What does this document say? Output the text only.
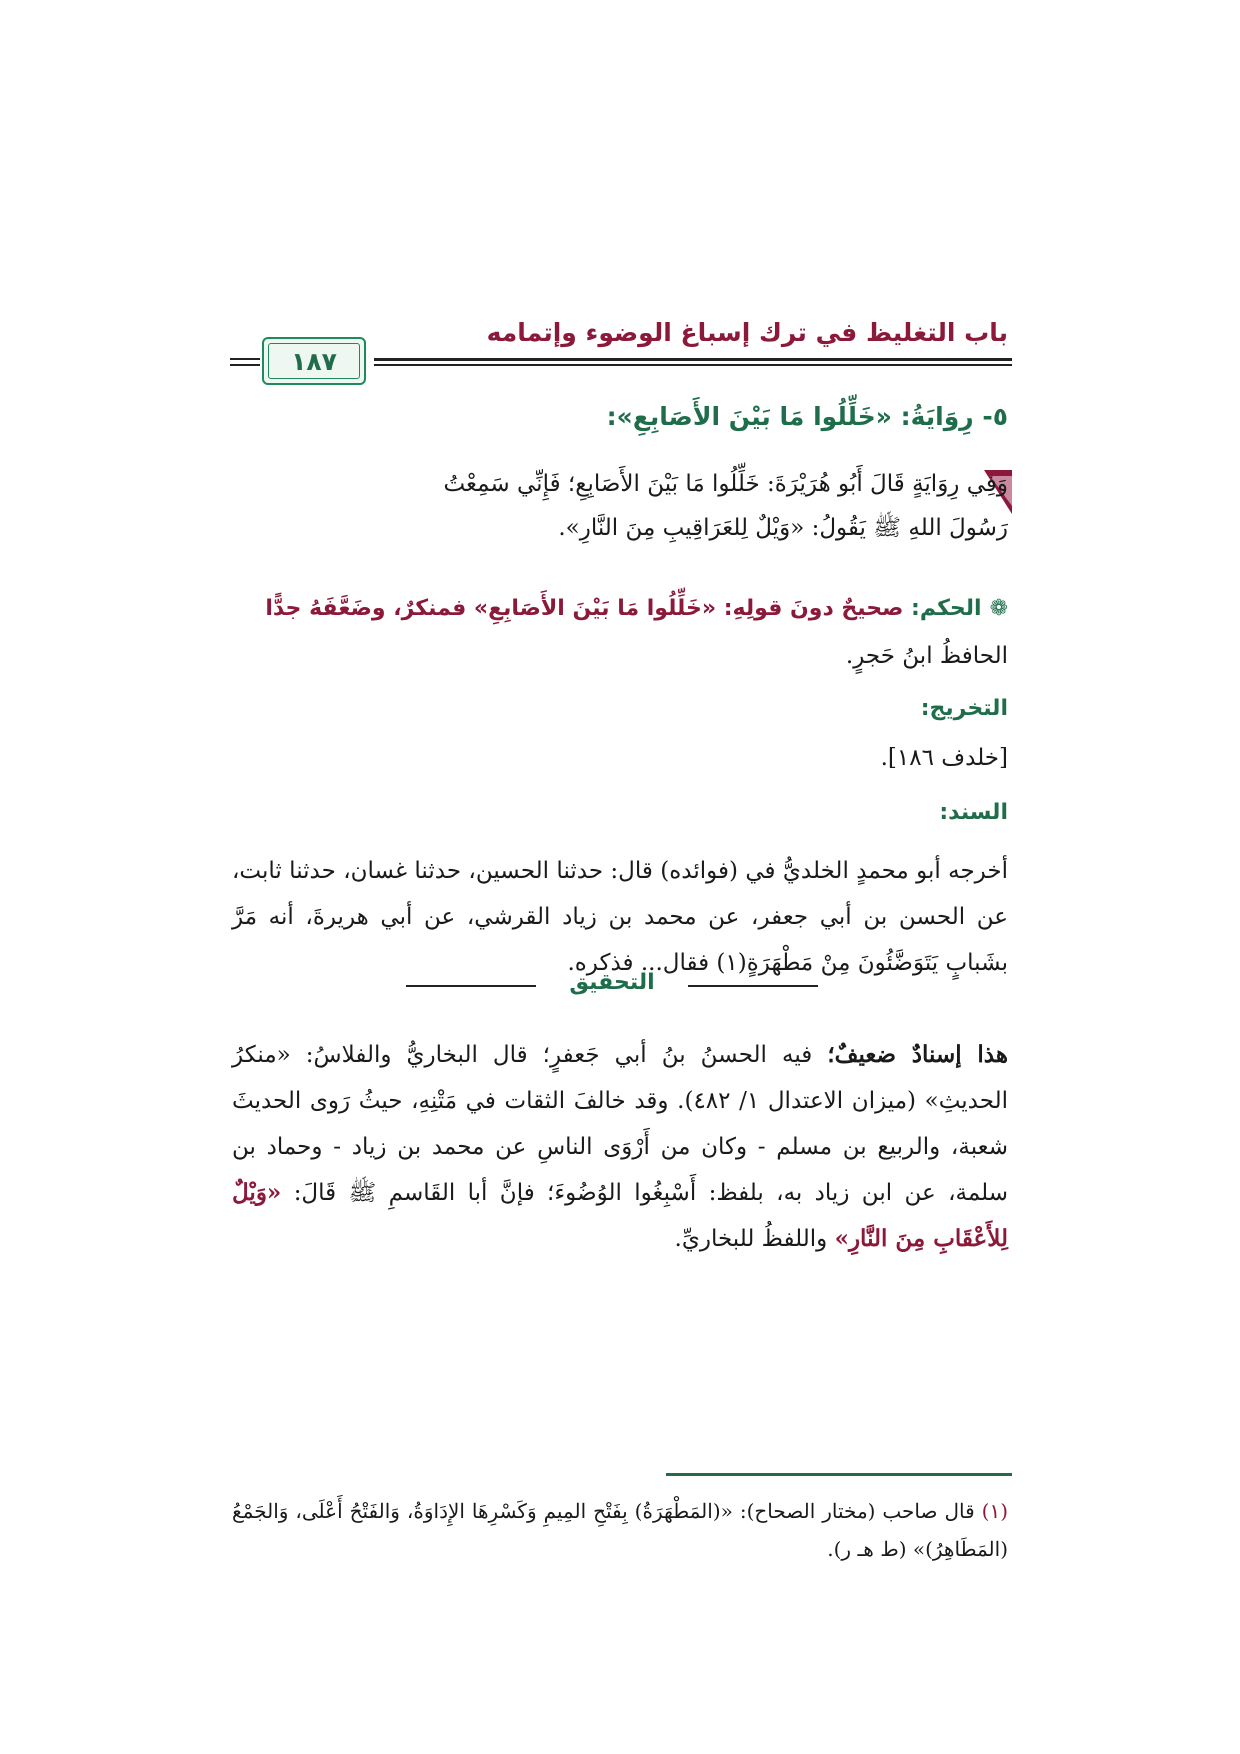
باب التغليظ في ترك إسباغ الوضوء وإتمامه
١٨٧
٥- رِوَايَةُ: «خَلِّلُوا مَا بَيْنَ الأَصَابِعِ»:
وَفِي رِوَايَةٍ قَالَ أَبُو هُرَيْرَةَ: خَلِّلُوا مَا بَيْنَ الأَصَابِعِ؛ فَإِنِّي سَمِعْتُ
رَسُولَ اللهِ ﷺ يَقُولُ: «وَيْلٌ لِلعَرَاقِيبِ مِنَ النَّارِ».
❁الحكم: صحيحٌ دونَ قولِهِ: «خَلِّلُوا مَا بَيْنَ الأَصَابِعِ» فمنكرٌ، وضَعَّفَهُ جدًّا
الحافظُ ابنُ حَجرٍ.
التخريج:
[خلدف ١٨٦].
السند:

أخرجه أبو محمدٍ الخلديُّ في (فوائده) قال: حدثنا الحسين، حدثنا غسان، حدثنا ثابت، عن الحسن بن أبي جعفر، عن محمد بن زياد القرشي، عن أبي هريرةَ، أنه مَرَّ بشَبابٍ يَتَوَضَّئُونَ مِنْ مَطْهَرَةٍ(١) فقال... فذكره.

التحقيق

هذا إسنادٌ ضعيفٌ؛ فيه الحسنُ بنُ أبي جَعفرٍ؛ قال البخاريُّ والفلاسُ: «منكرُ الحديثِ» (ميزان الاعتدال ١/ ٤٨٢). وقد خالفَ الثقات في مَتْنِهِ، حيثُ رَوى الحديثَ شعبة، والربيع بن مسلم - وكان من أَرْوَى الناسِ عن محمد بن زياد - وحماد بن سلمة، عن ابن زياد به، بلفظ: أَسْبِغُوا الوُضُوءَ؛ فإنَّ أبا القَاسمِ ﷺ قَالَ: «وَيْلٌ لِلأَعْقَابِ مِنَ النَّارِ» واللفظُ للبخاريِّ.

(١) قال صاحب (مختار الصحاح): «(المَطْهَرَةُ) بِفَتْحِ المِيمِ وَكَسْرِهَا الإِدَاوَةُ، وَالفَتْحُ أَعْلَى، وَالجَمْعُ (المَطَاهِرُ)» (ط هـ ر).
